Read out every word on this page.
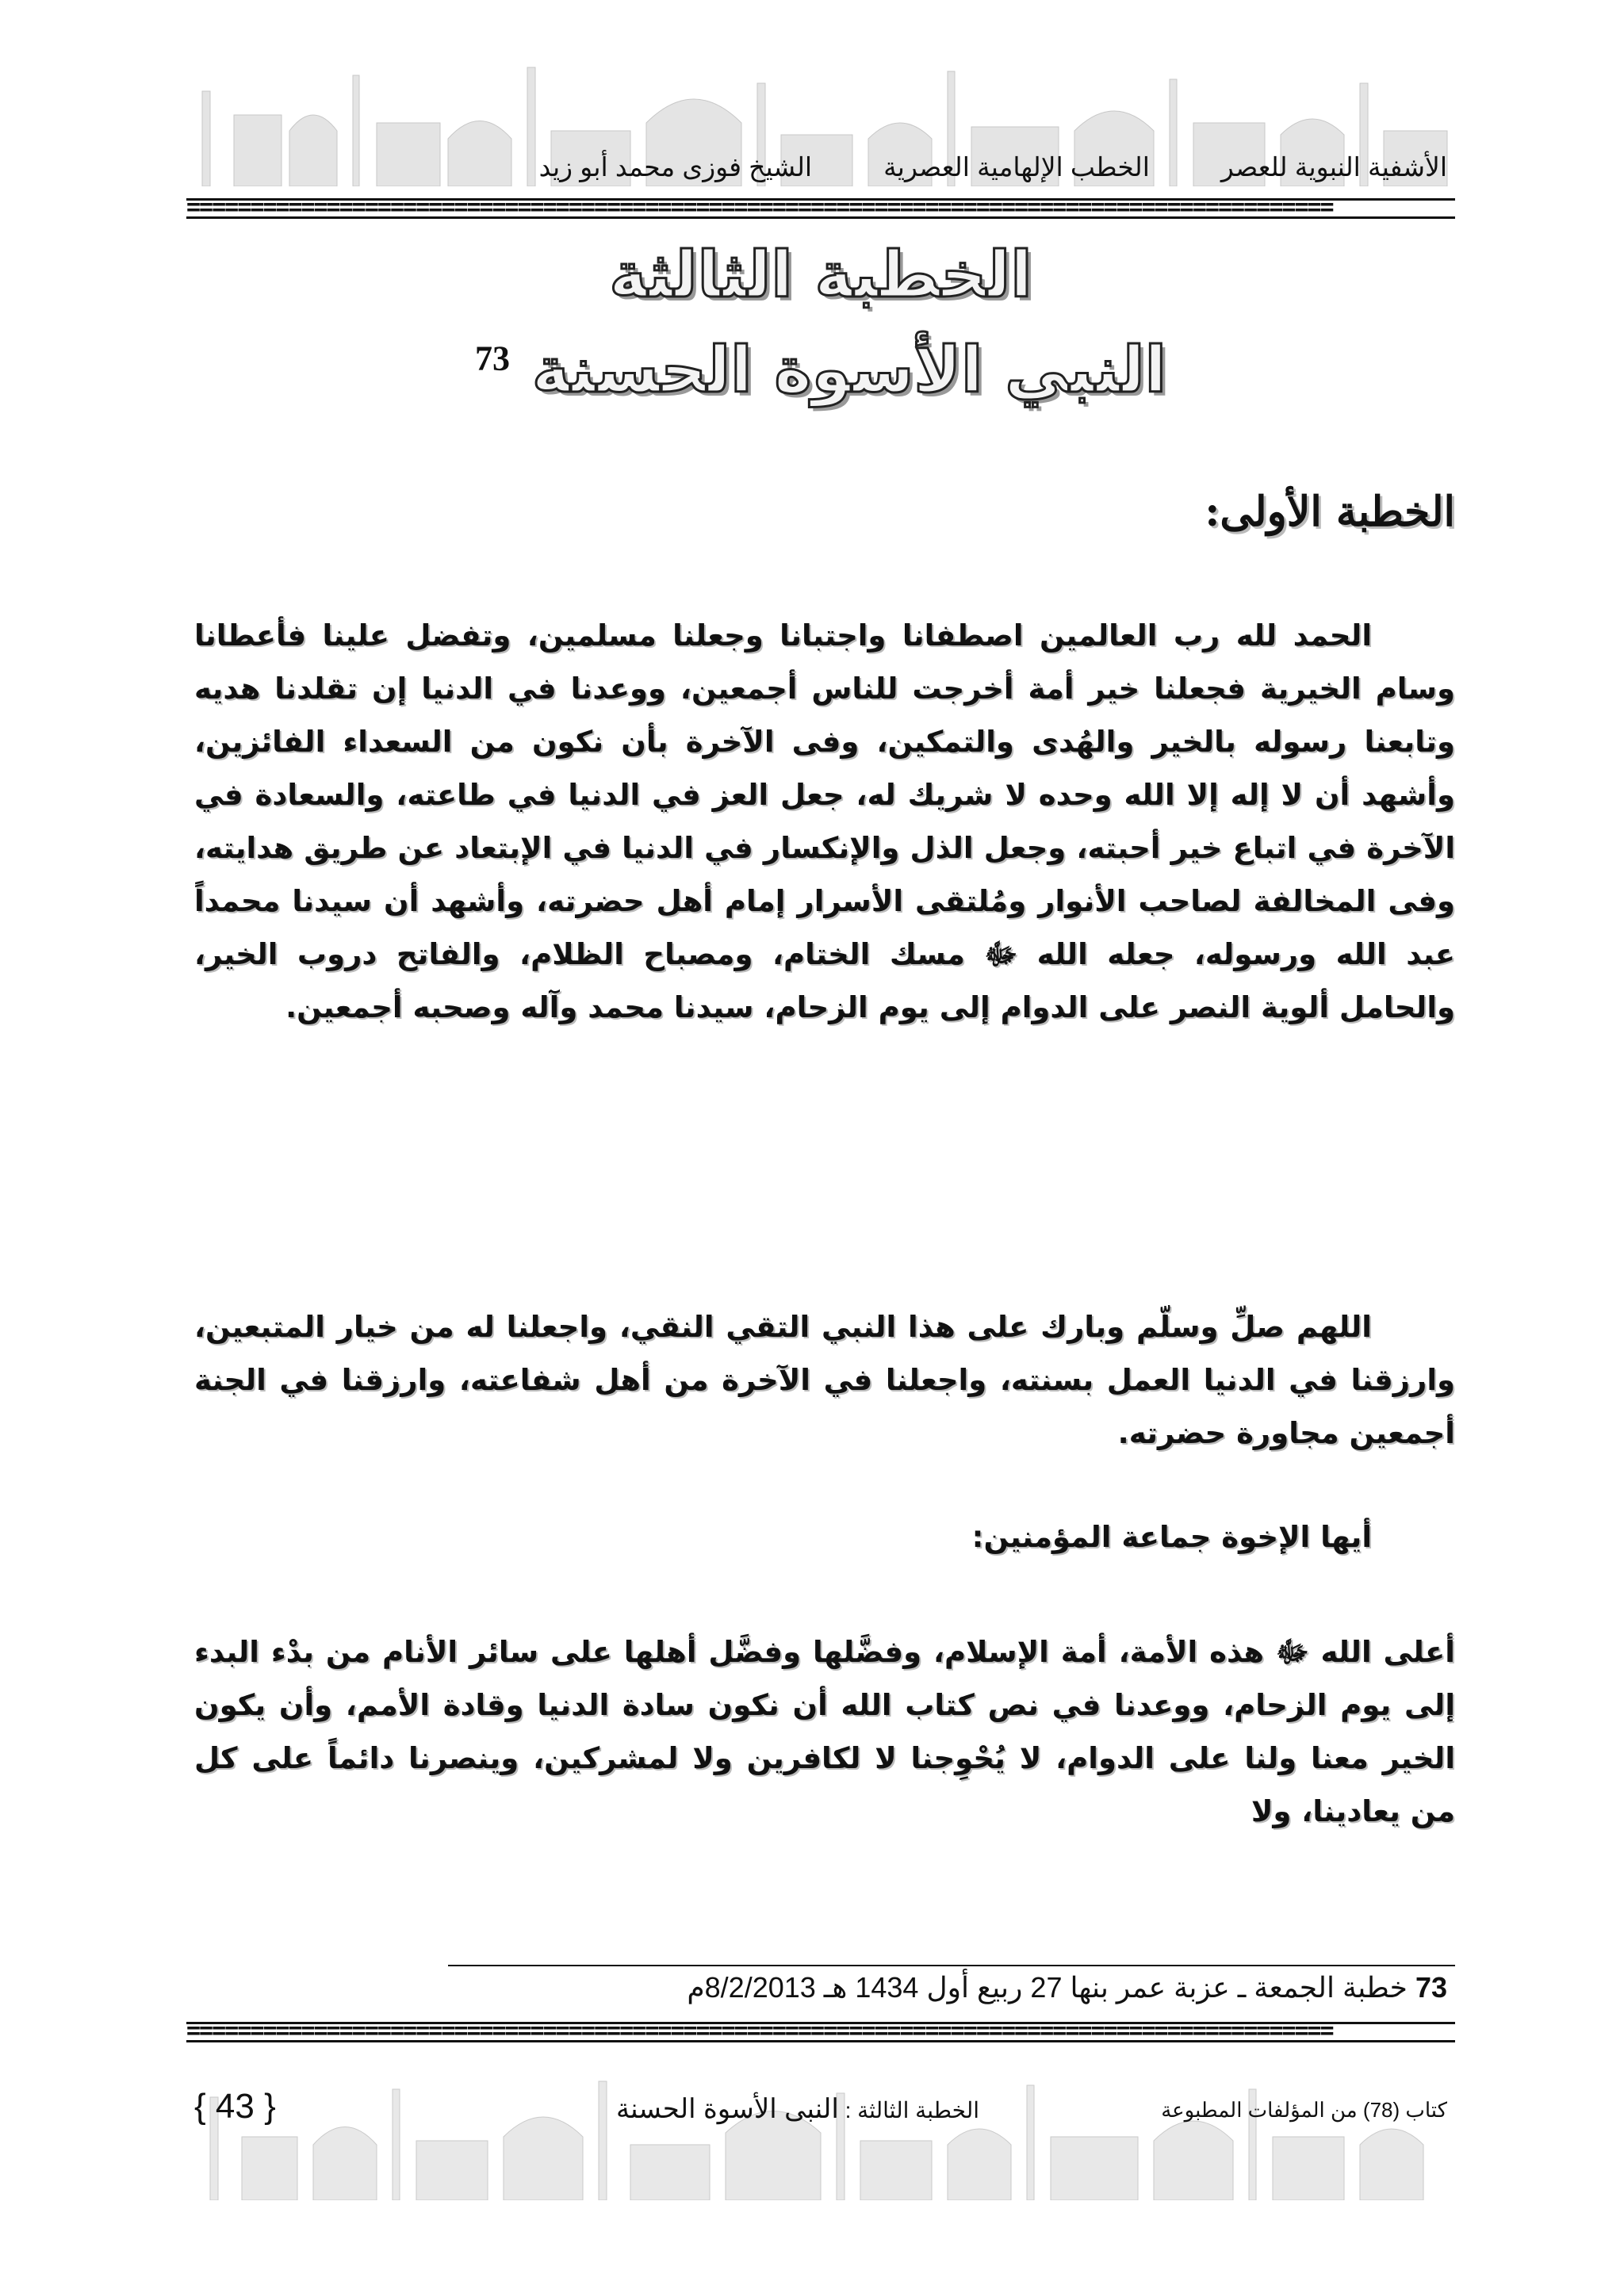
الأشفية النبوية للعصر
الخطب الإلهامية العصرية
الشيخ فوزى محمد أبو زيد
==========================================================================================
الخطبة الثالثة
النبي الأسوة الحسنة $^{73}$
الخطبة الأولى:

الحمد لله رب العالمين اصطفانا واجتبانا وجعلنا مسلمين، وتفضل علينا فأعطانا وسام الخيرية فجعلنا خير أمة أخرجت للناس أجمعين، ووعدنا في الدنيا إن تقلدنا هديه وتابعنا رسوله بالخير والهُدى والتمكين، وفى الآخرة بأن نكون من السعداء الفائزين، وأشهد أن لا إله إلا الله وحده لا شريك له، جعل العز في الدنيا في طاعته، والسعادة في الآخرة في اتباع خير أحبته، وجعل الذل والإنكسار في الدنيا في الإبتعاد عن طريق هدايته، وفى المخالفة لصاحب الأنوار ومُلتقى الأسرار إمام أهل حضرته، وأشهد أن سيدنا محمداً عبد الله ورسوله، جعله الله ﷻ مسك الختام، ومصباح الظلام، والفاتح دروب الخير، والحامل ألوية النصر على الدوام إلى يوم الزحام، سيدنا محمد وآله وصحبه أجمعين.

اللهم صلِّ وسلّم وبارك على هذا النبي التقي النقي، واجعلنا له من خيار المتبعين، وارزقنا في الدنيا العمل بسنته، واجعلنا في الآخرة من أهل شفاعته، وارزقنا في الجنة أجمعين مجاورة حضرته.

أيها الإخوة جماعة المؤمنين:

أعلى الله ﷻ هذه الأمة، أمة الإسلام، وفضَّلها وفضَّل أهلها على سائر الأنام من بدْء البدء إلى يوم الزحام، ووعدنا في نص كتاب الله أن نكون سادة الدنيا وقادة الأمم، وأن يكون الخير معنا ولنا على الدوام، لا يُحْوِجنا لا لكافرين ولا لمشركين، وينصرنا دائماً على كل من يعادينا، ولا

73 خطبة الجمعة ـ عزبة عمر بنها 27 ربيع أول 1434 هـ 8/2/2013م
==========================================================================================
كتاب (78) من المؤلفات المطبوعة
الخطبة الثالثة : النبى الأسوة الحسنة
{ 43 }
